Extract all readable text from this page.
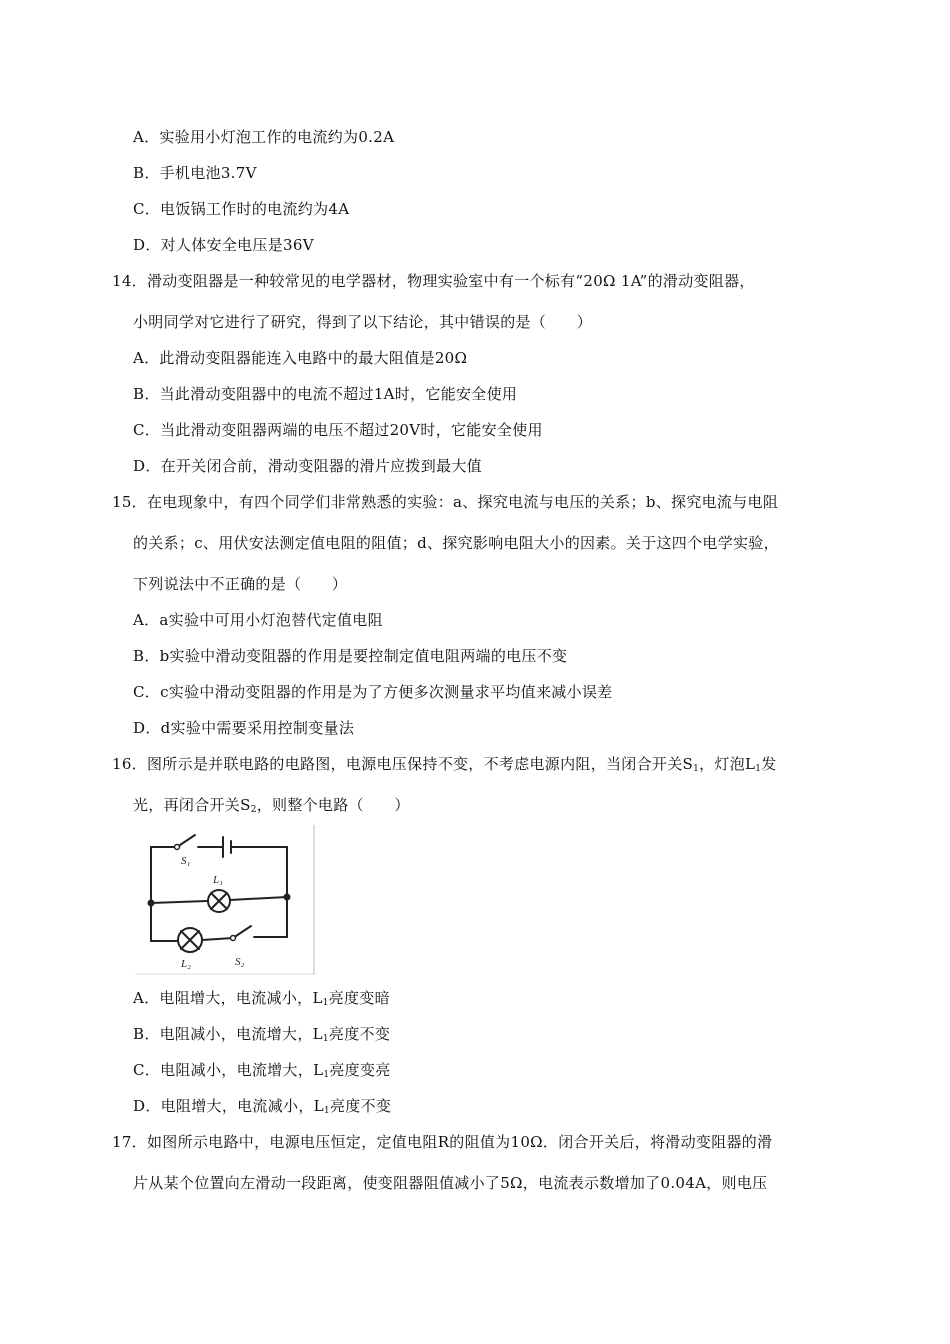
A．实验用小灯泡工作的电流约为0.2A
B．手机电池3.7V
C．电饭锅工作时的电流约为4A
D．对人体安全电压是36V
14．滑动变阻器是一种较常见的电学器材，物理实验室中有一个标有“20Ω 1A”的滑动变阻器，
小明同学对它进行了研究，得到了以下结论，其中错误的是（　　）
A．此滑动变阻器能连入电路中的最大阻值是20Ω
B．当此滑动变阻器中的电流不超过1A时，它能安全使用
C．当此滑动变阻器两端的电压不超过20V时，它能安全使用
D．在开关闭合前，滑动变阻器的滑片应拨到最大值
15．在电现象中，有四个同学们非常熟悉的实验：a、探究电流与电压的关系；b、探究电流与电阻
的关系；c、用伏安法测定值电阻的阻值；d、探究影响电阻大小的因素。关于这四个电学实验，
下列说法中不正确的是（　　）
A．a实验中可用小灯泡替代定值电阻
B．b实验中滑动变阻器的作用是要控制定值电阻两端的电压不变
C．c实验中滑动变阻器的作用是为了方便多次测量求平均值来减小误差
D．d实验中需要采用控制变量法
16．图所示是并联电路的电路图，电源电压保持不变，不考虑电源内阻，当闭合开关$S_1$，灯泡$L_1$发
光，再闭合开关$S_2$，则整个电路（　　）
S₁
L₁
L₂	S₂
A．电阻增大，电流减小，$L_1$亮度变暗
B．电阻减小，电流增大，$L_1$亮度不变
C．电阻减小，电流增大，$L_1$亮度变亮
D．电阻增大，电流减小，$L_1$亮度不变
17．如图所示电路中，电源电压恒定，定值电阻R的阻值为10Ω．闭合开关后，将滑动变阻器的滑
片从某个位置向左滑动一段距离，使变阻器阻值减小了5Ω，电流表示数增加了0.04A，则电压
